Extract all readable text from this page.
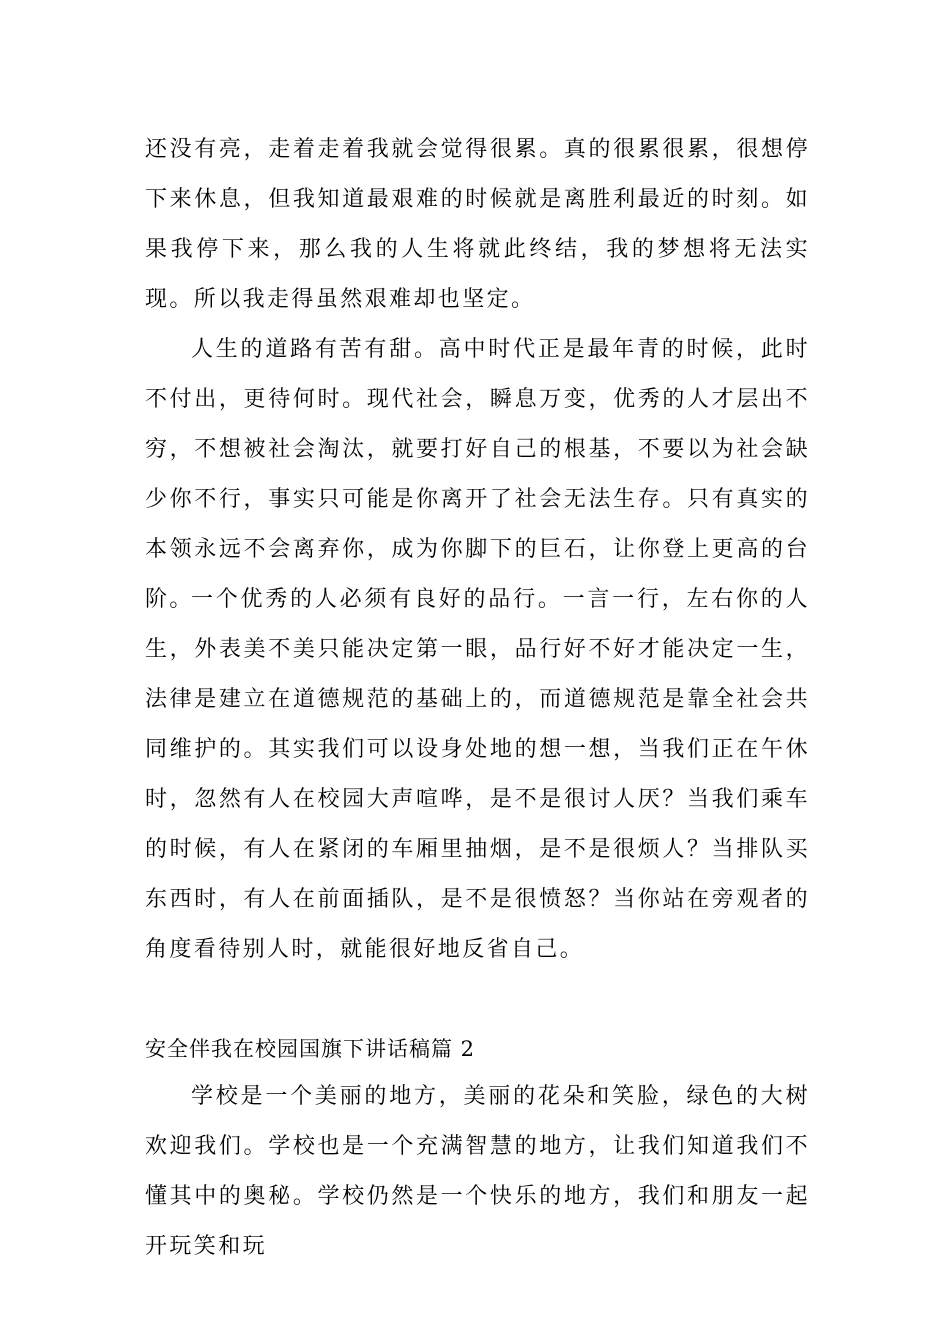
还没有亮，走着走着我就会觉得很累。真的很累很累，很想停下来休息，但我知道最艰难的时候就是离胜利最近的时刻。如果我停下来，那么我的人生将就此终结，我的梦想将无法实现。所以我走得虽然艰难却也坚定。

人生的道路有苦有甜。高中时代正是最年青的时候，此时不付出，更待何时。现代社会，瞬息万变，优秀的人才层出不穷，不想被社会淘汰，就要打好自己的根基，不要以为社会缺少你不行，事实只可能是你离开了社会无法生存。只有真实的本领永远不会离弃你，成为你脚下的巨石，让你登上更高的台阶。

一个优秀的人必须有良好的品行。一言一行，左右你的人生，外表美不美只能决定第一眼，品行好不好才能决定一生，法律是建立在道德规范的基础上的，而道德规范是靠全社会共同维护的。其实我们可以设身处地的想一想，当我们正在午休时，忽然有人在校园大声喧哗，是不是很讨人厌？当我们乘车的时候，有人在紧闭的车厢里抽烟，是不是很烦人？当排队买东西时，有人在前面插队，是不是很愤怒？当你站在旁观者的角度看待别人时，就能很好地反省自己。

安全伴我在校园国旗下讲话稿篇 2

学校是一个美丽的地方，美丽的花朵和笑脸，绿色的大树欢迎我们。学校也是一个充满智慧的地方，让我们知道我们不懂其中的奥秘。学校仍然是一个快乐的地方，我们和朋友一起开玩笑和玩
